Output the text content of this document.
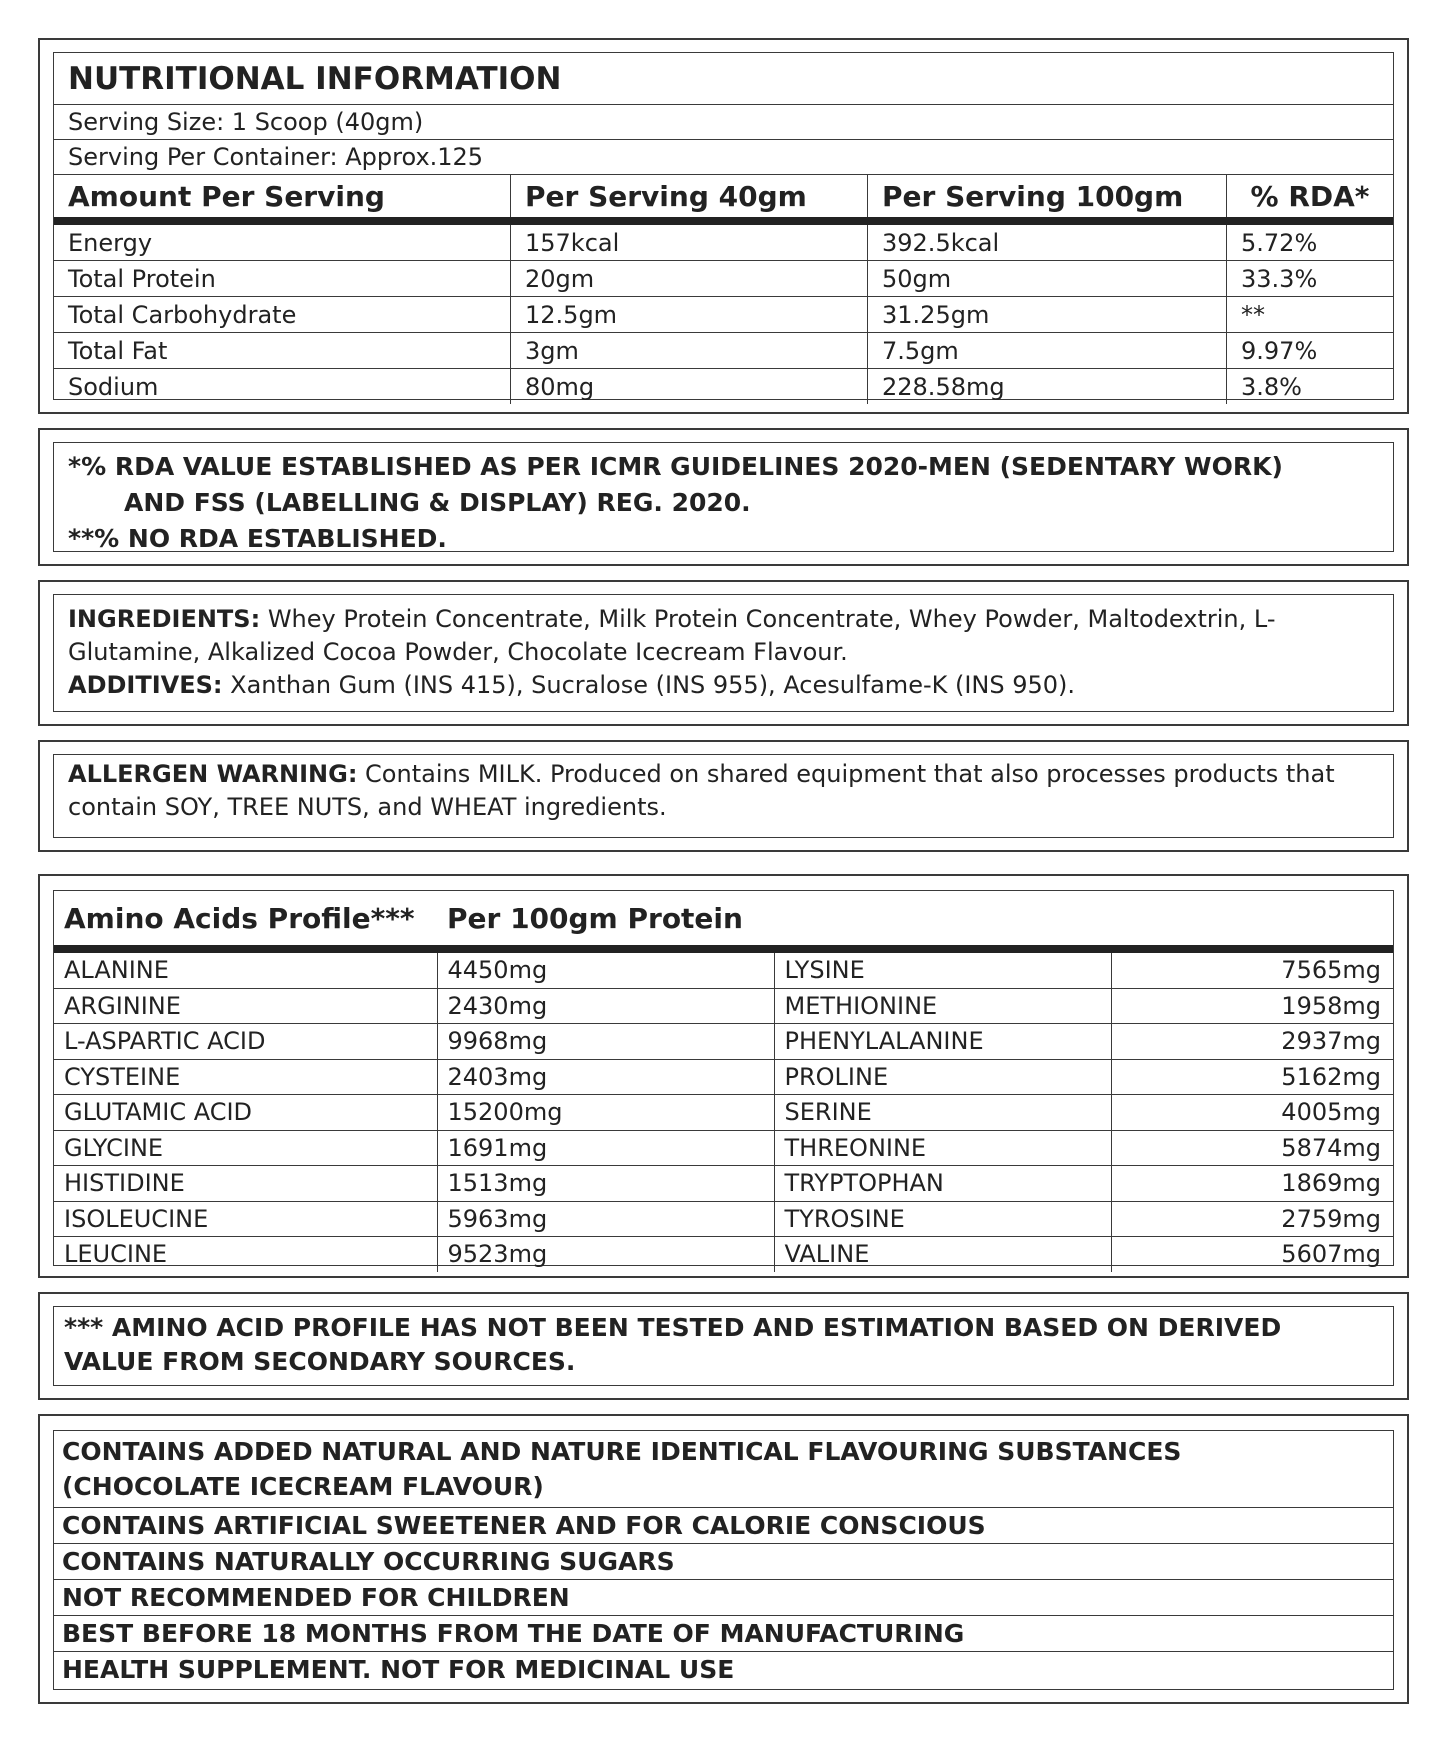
NUTRITIONAL INFORMATION			
Serving Size: 1 Scoop (40gm)			
Serving Per Container: Approx.125			
Amount Per Serving	Per Serving 40gm	Per Serving 100gm	% RDA*
Energy	157kcal	392.5kcal	5.72%
Total Protein	20gm	50gm	33.3%
Total Carbohydrate	12.5gm	31.25gm	**
Total Fat	3gm	7.5gm	9.97%
Sodium	80mg	228.58mg	3.8%

*% RDA VALUE ESTABLISHED AS PER ICMR GUIDELINES 2020-MEN (SEDENTARY WORK)

AND FSS (LABELLING & DISPLAY) REG. 2020.

**% NO RDA ESTABLISHED.

INGREDIENTS: Whey Protein Concentrate, Milk Protein Concentrate, Whey Powder, Maltodextrin, L-Glutamine, Alkalized Cocoa Powder, Chocolate Icecream Flavour.

ADDITIVES: Xanthan Gum (INS 415), Sucralose (INS 955), Acesulfame-K (INS 950).

ALLERGEN WARNING: Contains MILK. Produced on shared equipment that also processes products that contain SOY, TREE NUTS, and WHEAT ingredients.

Amino Acids Profile***	Per 100gm Protein		
ALANINE	4450mg	LYSINE	7565mg
ARGININE	2430mg	METHIONINE	1958mg
L-ASPARTIC ACID	9968mg	PHENYLALANINE	2937mg
CYSTEINE	2403mg	PROLINE	5162mg
GLUTAMIC ACID	15200mg	SERINE	4005mg
GLYCINE	1691mg	THREONINE	5874mg
HISTIDINE	1513mg	TRYPTOPHAN	1869mg
ISOLEUCINE	5963mg	TYROSINE	2759mg
LEUCINE	9523mg	VALINE	5607mg
*** AMINO ACID PROFILE HAS NOT BEEN TESTED AND ESTIMATION BASED ON DERIVED VALUE FROM SECONDARY SOURCES.
CONTAINS ADDED NATURAL AND NATURE IDENTICAL FLAVOURING SUBSTANCES (CHOCOLATE ICECREAM FLAVOUR)
CONTAINS ARTIFICIAL SWEETENER AND FOR CALORIE CONSCIOUS
CONTAINS NATURALLY OCCURRING SUGARS
NOT RECOMMENDED FOR CHILDREN
BEST BEFORE 18 MONTHS FROM THE DATE OF MANUFACTURING
HEALTH SUPPLEMENT. NOT FOR MEDICINAL USE
